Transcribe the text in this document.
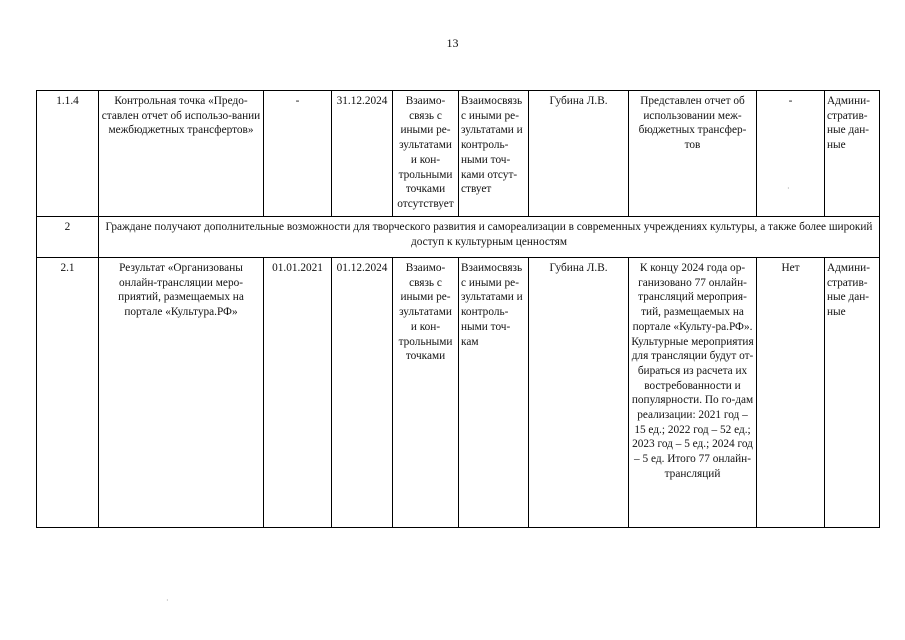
13
1.1.4	Контрольная точка «Предо-ставлен отчет об использо-вании межбюджетных трансфертов»	-	31.12.2024	Взаимо-связь с иными ре-зультатами и кон-трольными точками отсутствует	Взаимосвязь с иными ре-зультатами и контроль-ными точ-ками отсут-ствует	Губина Л.В.	Представлен отчет об использовании меж-бюджетных трансфер-тов	-	Админи-стратив-ные дан-ные
2	Граждане получают дополнительные возможности для творческого развития и самореализации в современных учреждениях культуры, а также более широкий доступ к культурным ценностям								
2.1	Результат «Организованы онлайн-трансляции меро-приятий, размещаемых на портале «Культура.РФ»	01.01.2021	01.12.2024	Взаимо-связь с иными ре-зультатами и кон-трольными точками	Взаимосвязь с иными ре-зультатами и контроль-ными точ-кам	Губина Л.В.	К концу 2024 года ор-ганизовано 77 онлайн-трансляций мероприя-тий, размещаемых на портале «Культу-ра.РФ». Культурные мероприятия для трансляции будут от-бираться из расчета их востребованности и популярности. По го-дам реализации: 2021 год – 15 ед.; 2022 год – 52 ед.; 2023 год – 5 ед.; 2024 год – 5 ед. Итого 77 онлайн-трансляций	Нет	Админи-стратив-ные дан-ные
·
·
